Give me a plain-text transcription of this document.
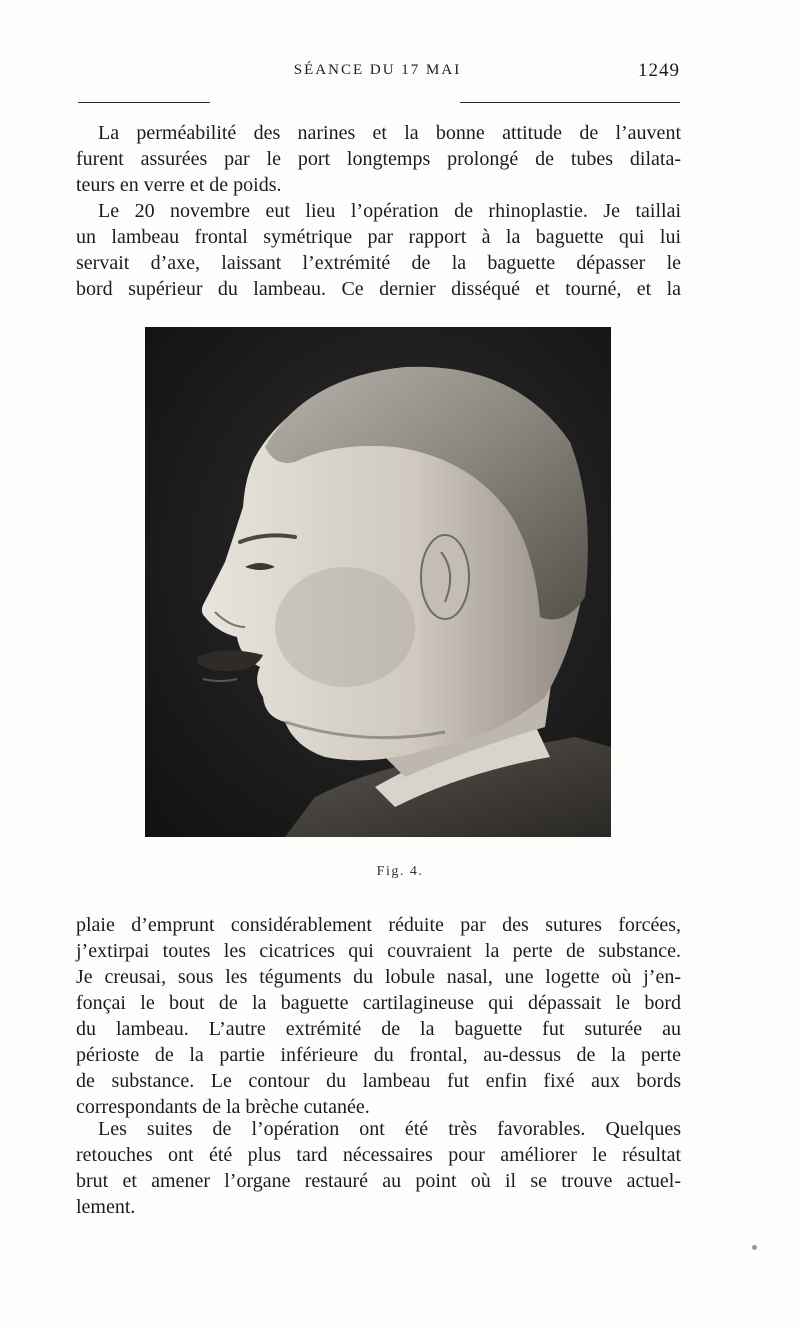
SÉANCE DU 17 MAI	1249
La perméabilité des narines et la bonne attitude de l’auvent
furent assurées par le port longtemps prolongé de tubes dilata-
teurs en verre et de poids.
Le 20 novembre eut lieu l’opération de rhinoplastie. Je taillai
un lambeau frontal symétrique par rapport à la baguette qui lui
servait d’axe, laissant l’extrémité de la baguette dépasser le
bord supérieur du lambeau. Ce dernier disséqué et tourné, et la
Fig. 4.
plaie d’emprunt considérablement réduite par des sutures forcées,
j’extirpai toutes les cicatrices qui couvraient la perte de substance.
Je creusai, sous les téguments du lobule nasal, une logette où j’en-
fonçai le bout de la baguette cartilagineuse qui dépassait le bord
du lambeau. L’autre extrémité de la baguette fut suturée au
périoste de la partie inférieure du frontal, au-dessus de la perte
de substance. Le contour du lambeau fut enfin fixé aux bords
correspondants de la brèche cutanée.
Les suites de l’opération ont été très favorables. Quelques
retouches ont été plus tard nécessaires pour améliorer le résultat
brut et amener l’organe restauré au point où il se trouve actuel-
lement.
